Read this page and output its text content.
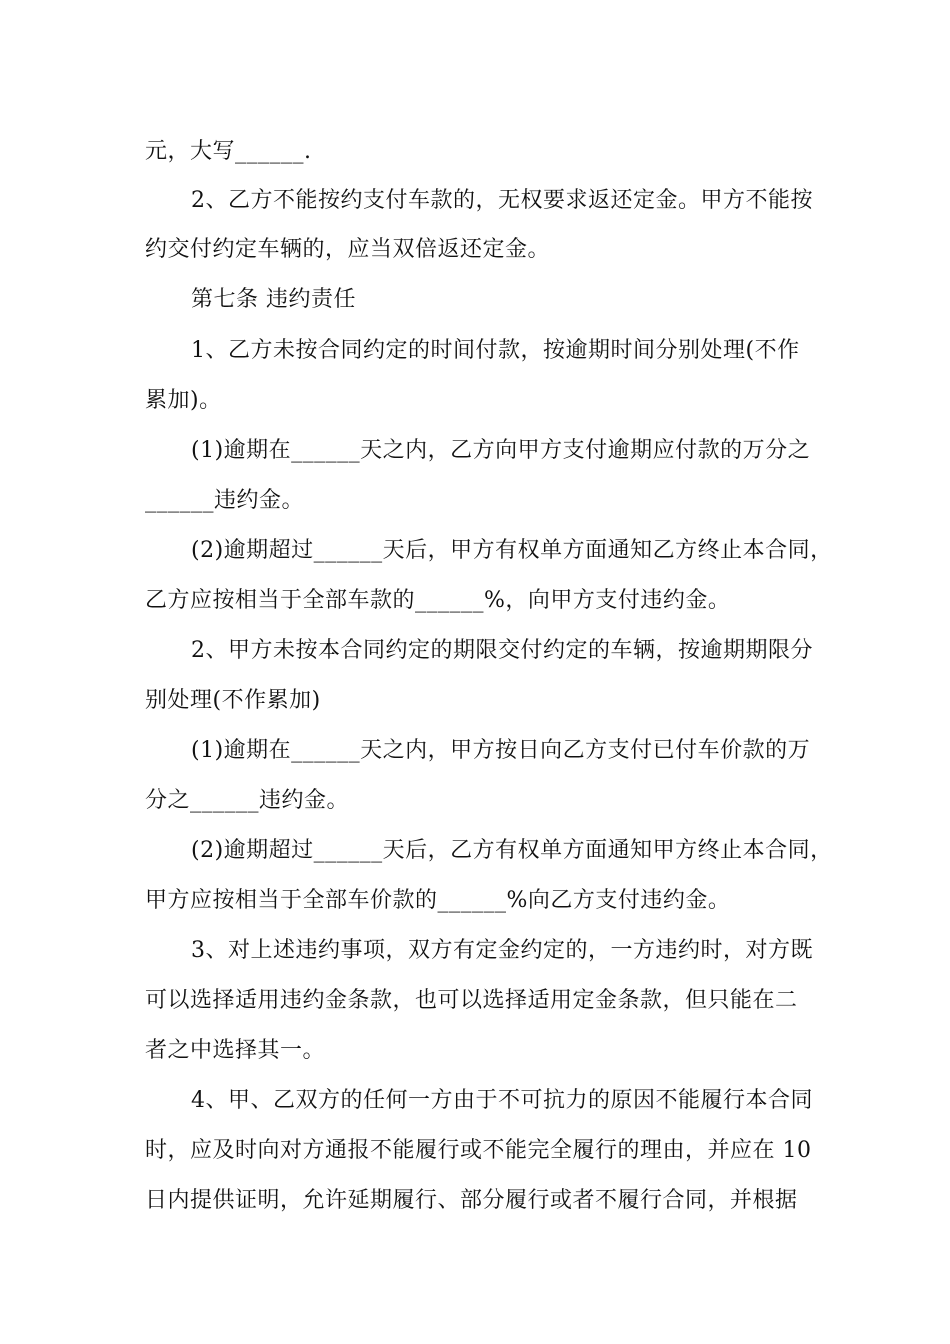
元，大写______.
2、乙方不能按约支付车款的，无权要求返还定金。甲方不能按
约交付约定车辆的，应当双倍返还定金。
第七条 违约责任
1、乙方未按合同约定的时间付款，按逾期时间分别处理(不作
累加)。
(1)逾期在______天之内，乙方向甲方支付逾期应付款的万分之
______违约金。
(2)逾期超过______天后，甲方有权单方面通知乙方终止本合同，
乙方应按相当于全部车款的______%，向甲方支付违约金。
2、甲方未按本合同约定的期限交付约定的车辆，按逾期期限分
别处理(不作累加)
(1)逾期在______天之内，甲方按日向乙方支付已付车价款的万
分之______违约金。
(2)逾期超过______天后，乙方有权单方面通知甲方终止本合同，
甲方应按相当于全部车价款的______%向乙方支付违约金。
3、对上述违约事项，双方有定金约定的，一方违约时，对方既
可以选择适用违约金条款，也可以选择适用定金条款，但只能在二
者之中选择其一。
4、甲、乙双方的任何一方由于不可抗力的原因不能履行本合同
时，应及时向对方通报不能履行或不能完全履行的理由，并应在 10
日内提供证明，允许延期履行、部分履行或者不履行合同，并根据
